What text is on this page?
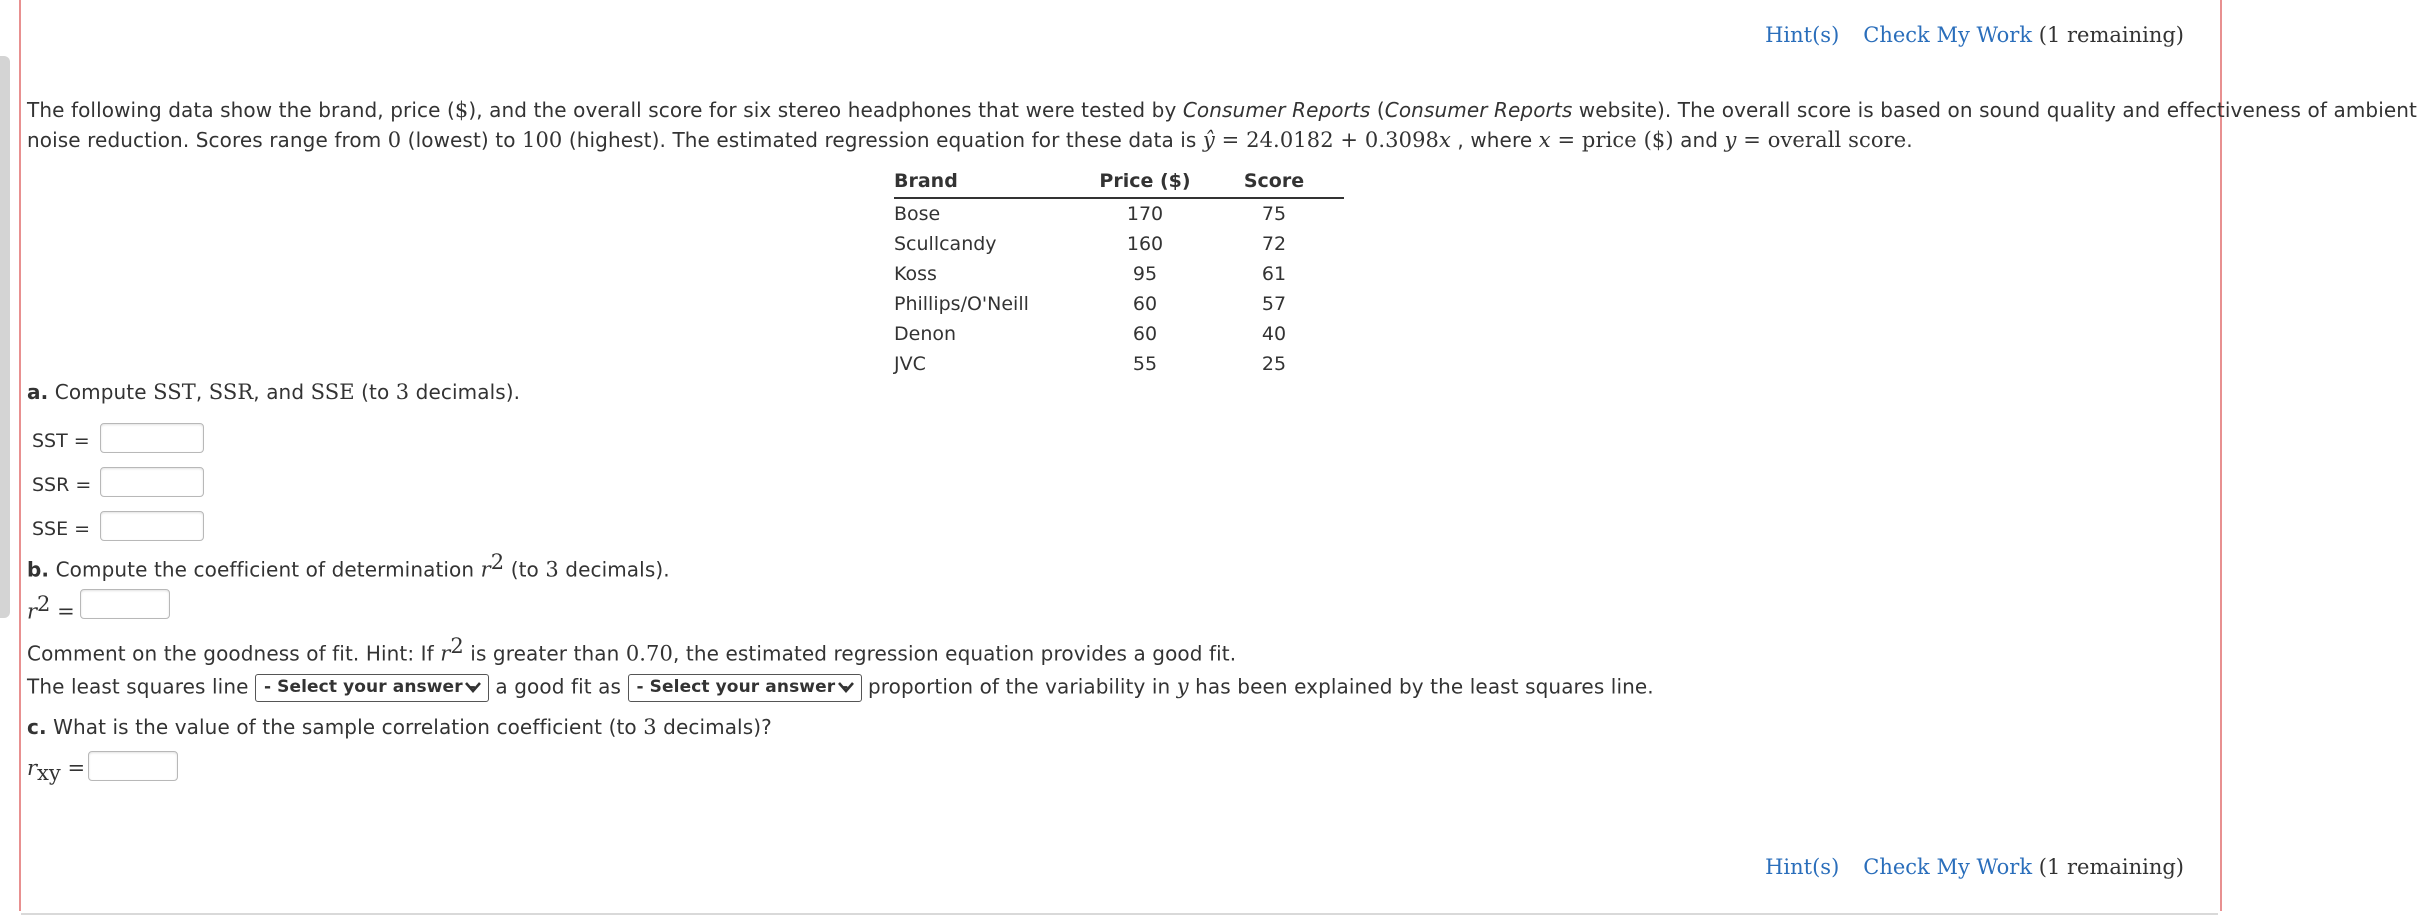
Hint(s) Check My Work (1 remaining)
The following data show the brand, price ($), and the overall score for six stereo headphones that were tested by Consumer Reports (Consumer Reports website). The overall score is based on sound quality and effectiveness of ambient
noise reduction. Scores range from 0 (lowest) to 100 (highest). The estimated regression equation for these data is ŷ = 24.0182 + 0.3098x , where x = price ($) and y = overall score.
Brand	Price ($)	Score
Bose	170	75
Scullcandy	160	72
Koss	95	61
Phillips/O'Neill	60	57
Denon	60	40
JVC	55	25
a. Compute SST, SSR, and SSE (to 3 decimals).
SST =
SSR =
SSE =
b. Compute the coefficient of determination $r^2$ (to 3 decimals).
$r^2$ =
Comment on the goodness of fit. Hint: If $r^2$ is greater than 0.70, the estimated regression equation provides a good fit.
The least squares line - Select your answer -
a good fit as - Select your answer -
proportion of the variability in y has been explained by the least squares line.
c. What is the value of the sample correlation coefficient (to 3 decimals)?
$r_{xy}$ =
Hint(s) Check My Work (1 remaining)
